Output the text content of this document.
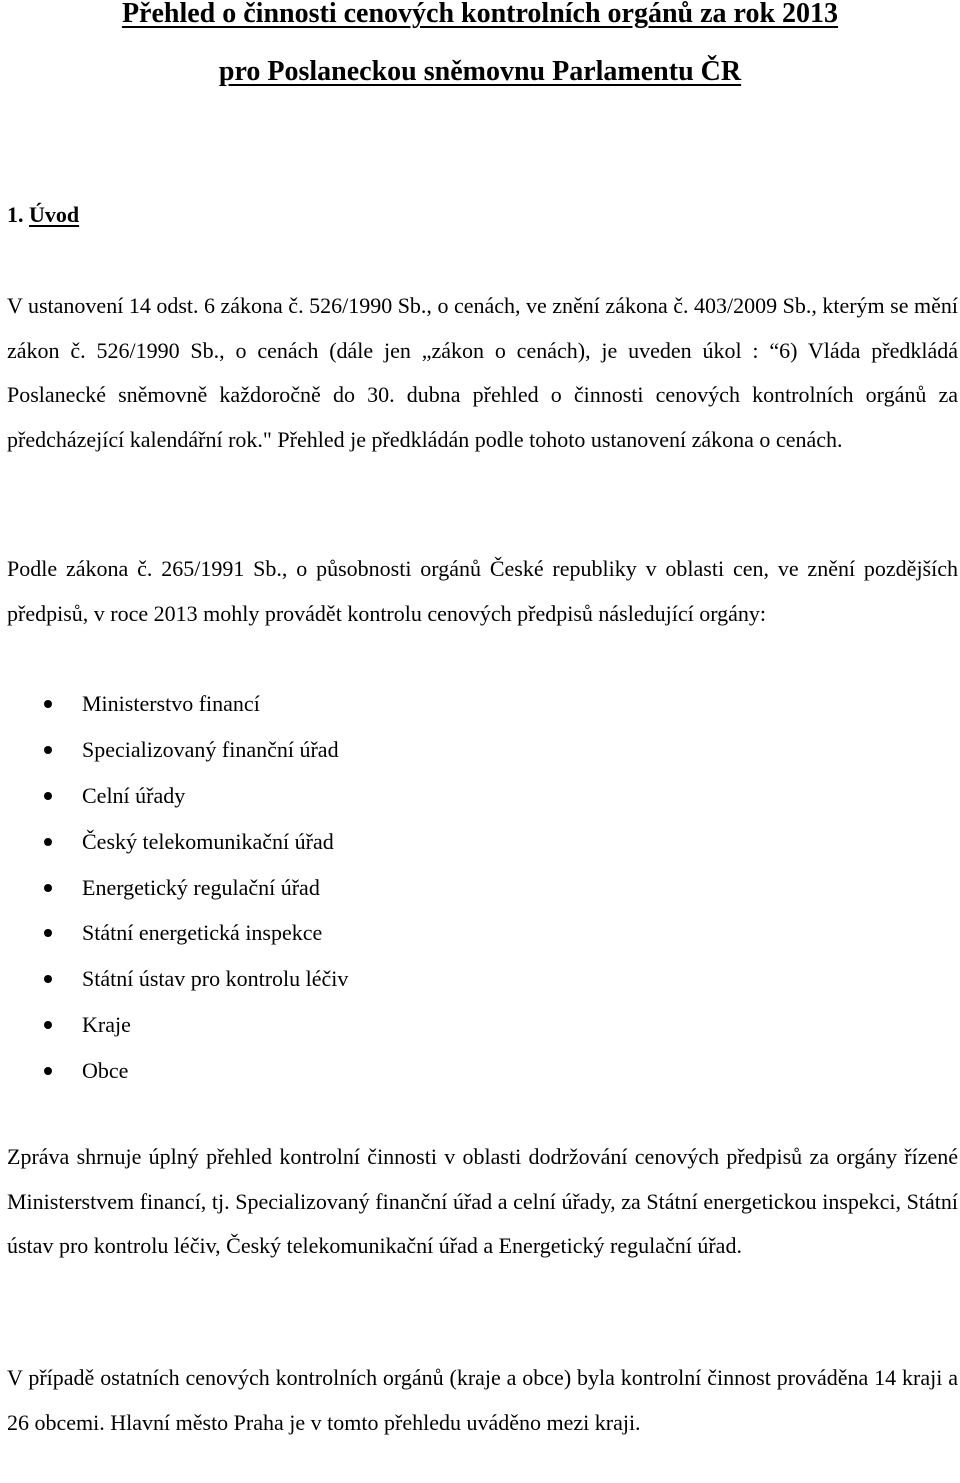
Přehled o činnosti cenových kontrolních orgánů za rok 2013
pro Poslaneckou sněmovnu Parlamentu ČR
1. Úvod

V ustanovení 14 odst. 6 zákona č. 526/1990 Sb., o cenách, ve znění zákona č. 403/2009 Sb., kterým se mění zákon č. 526/1990 Sb., o cenách (dále jen „zákon o cenách), je uveden úkol : “6) Vláda předkládá Poslanecké sněmovně každoročně do 30. dubna přehled o činnosti cenových kontrolních orgánů za předcházející kalendářní rok." Přehled je předkládán podle tohoto ustanovení zákona o cenách.

Podle zákona č. 265/1991 Sb., o působnosti orgánů České republiky v oblasti cen, ve znění pozdějších předpisů, v roce 2013 mohly provádět kontrolu cenových předpisů následující orgány:

Ministerstvo financí
Specializovaný finanční úřad
Celní úřady
Český telekomunikační úřad
Energetický regulační úřad
Státní energetická inspekce
Státní ústav pro kontrolu léčiv
Kraje
Obce

Zpráva shrnuje úplný přehled kontrolní činnosti v oblasti dodržování cenových předpisů za orgány řízené Ministerstvem financí, tj. Specializovaný finanční úřad a celní úřady, za Státní energetickou inspekci, Státní ústav pro kontrolu léčiv, Český telekomunikační úřad a Energetický regulační úřad.

V případě ostatních cenových kontrolních orgánů (kraje a obce) byla kontrolní činnost prováděna 14 kraji a 26 obcemi. Hlavní město Praha je v tomto přehledu uváděno mezi kraji.
